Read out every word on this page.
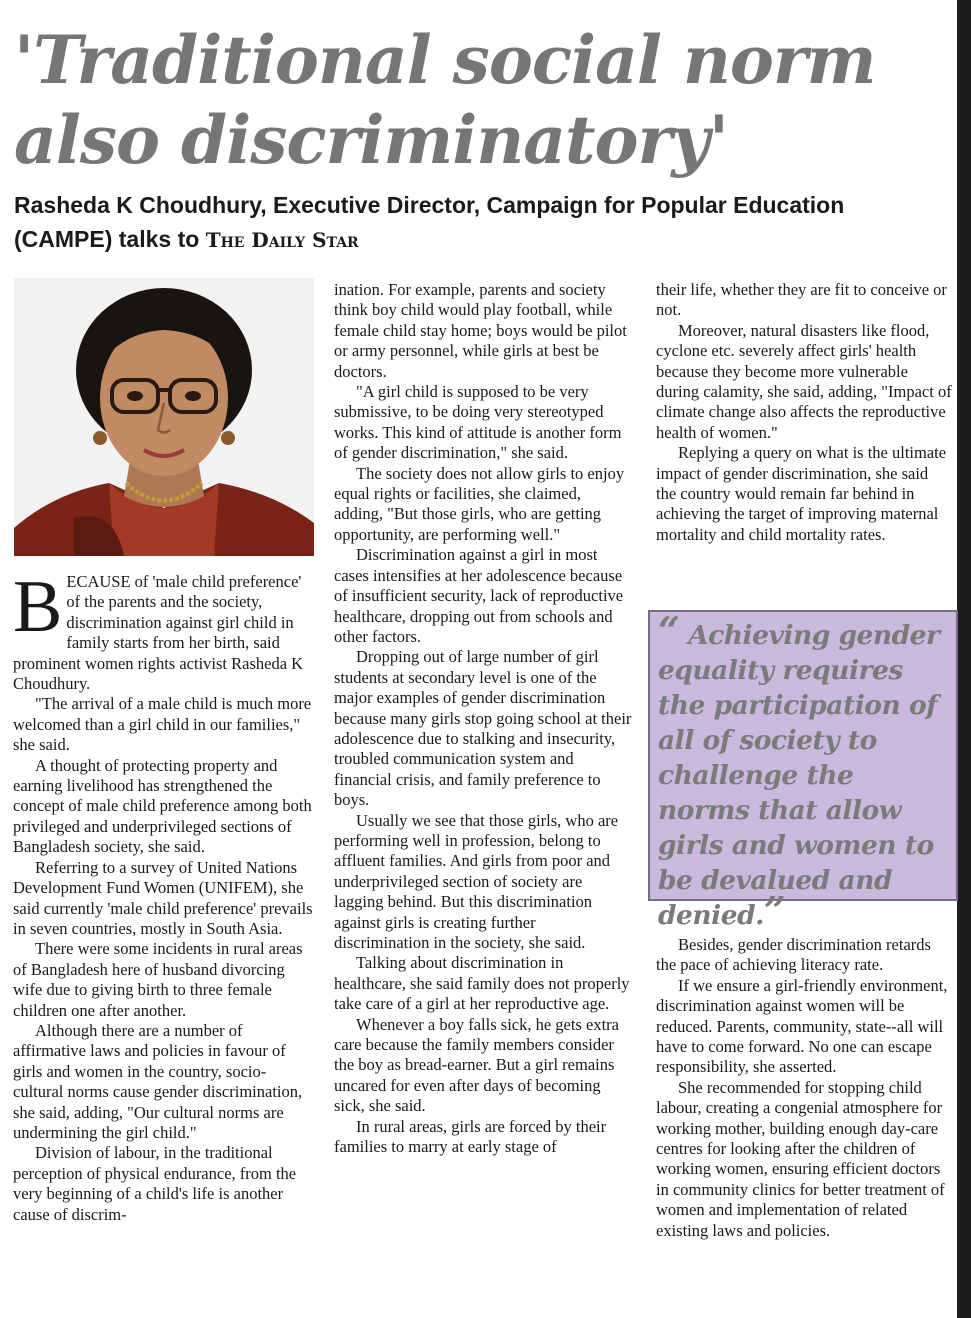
'Traditional social norm
also discriminatory'

Rasheda K Choudhury, Executive Director, Campaign for Popular Education (CAMPE) talks to The Daily Star

BECAUSE of 'male child preference' of the parents and the society, discrimination against girl child in family starts from her birth, said prominent women rights activist Rasheda K Choudhury.

"The arrival of a male child is much more welcomed than a girl child in our families," she said.

A thought of protecting property and earning livelihood has strengthened the concept of male child preference among both privileged and underprivileged sections of Bangladesh society, she said.

Referring to a survey of United Nations Development Fund Women (UNIFEM), she said currently 'male child preference' prevails in seven countries, mostly in South Asia.

There were some incidents in rural areas of Bangladesh here of husband divorcing wife due to giving birth to three female children one after another.

Although there are a number of affirmative laws and policies in favour of girls and women in the country, socio-cultural norms cause gender discrimination, she said, adding, "Our cultural norms are undermining the girl child."

Division of labour, in the traditional perception of physical endurance, from the very beginning of a child's life is another cause of discrim-

ination. For example, parents and society think boy child would play football, while female child stay home; boys would be pilot or army personnel, while girls at best be doctors.

"A girl child is supposed to be very submissive, to be doing very stereotyped works. This kind of attitude is another form of gender discrimination," she said.

The society does not allow girls to enjoy equal rights or facilities, she claimed, adding, "But those girls, who are getting opportunity, are performing well."

Discrimination against a girl in most cases intensifies at her adolescence because of insufficient security, lack of reproductive healthcare, dropping out from schools and other factors.

Dropping out of large number of girl students at secondary level is one of the major examples of gender discrimination because many girls stop going school at their adolescence due to stalking and insecurity, troubled communication system and financial crisis, and family preference to boys.

Usually we see that those girls, who are performing well in profession, belong to affluent families. And girls from poor and underprivileged section of society are lagging behind. But this discrimination against girls is creating further discrimination in the society, she said.

Talking about discrimination in healthcare, she said family does not properly take care of a girl at her reproductive age.

Whenever a boy falls sick, he gets extra care because the family members consider the boy as bread-earner. But a girl remains uncared for even after days of becoming sick, she said.

In rural areas, girls are forced by their families to marry at early stage of

their life, whether they are fit to conceive or not.

Moreover, natural disasters like flood, cyclone etc. severely affect girls' health because they become more vulnerable during calamity, she said, adding, "Impact of climate change also affects the reproductive health of women."

Replying a query on what is the ultimate impact of gender discrimination, she said the country would remain far behind in achieving the target of improving maternal mortality and child mortality rates.

“ Achieving gender equality requires the participation of all of society to challenge the norms that allow girls and women to be devalued and denied.”

Besides, gender discrimination retards the pace of achieving literacy rate.

If we ensure a girl-friendly environment, discrimination against women will be reduced. Parents, community, state--all will have to come forward. No one can escape responsibility, she asserted.

She recommended for stopping child labour, creating a congenial atmosphere for working mother, building enough day-care centres for looking after the children of working women, ensuring efficient doctors in community clinics for better treatment of women and implementation of related existing laws and policies.
